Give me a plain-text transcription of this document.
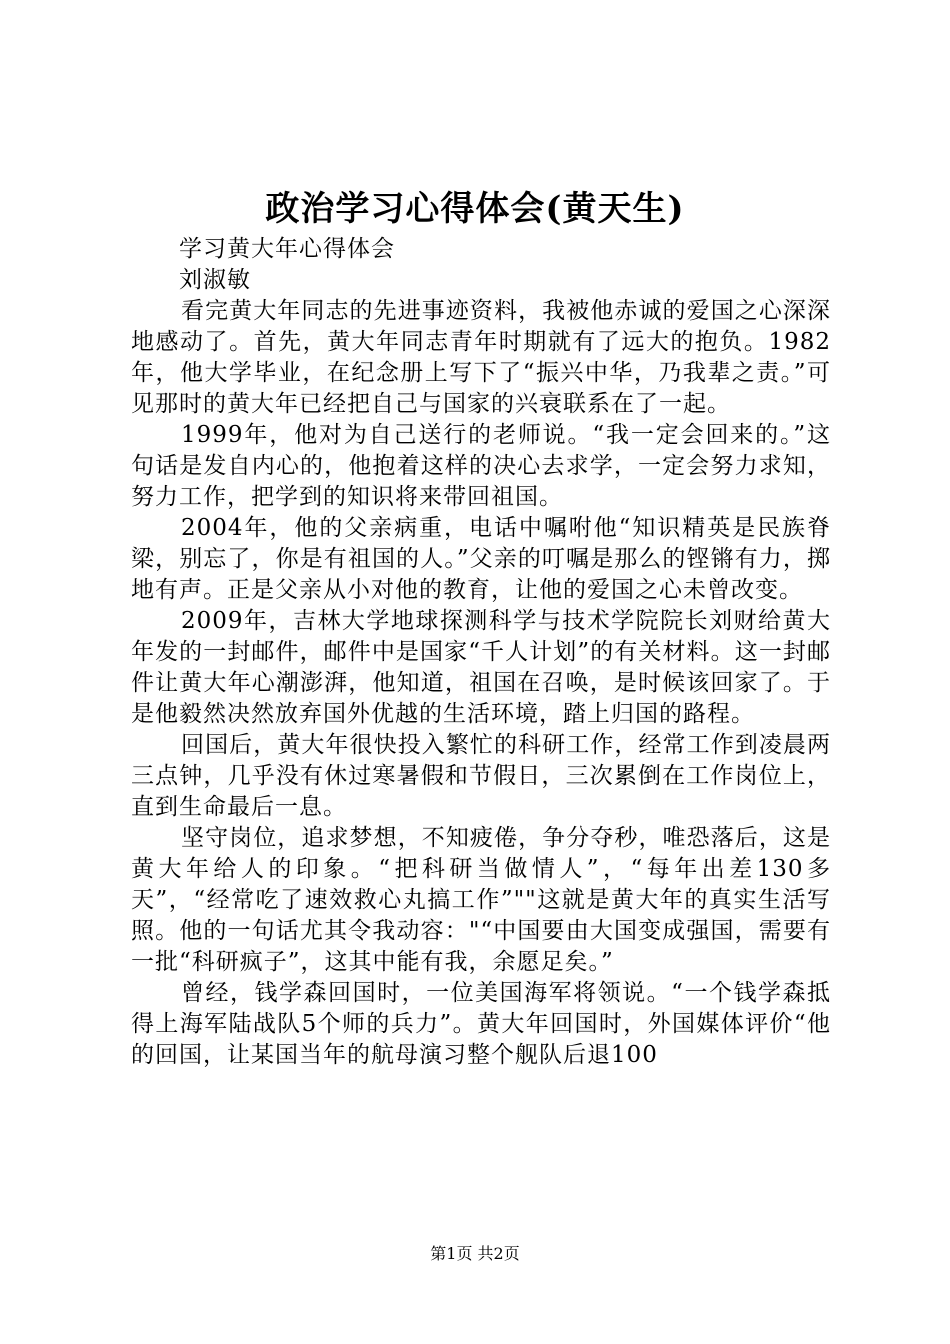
政治学习心得体会(黄天生)

学习黄大年心得体会

刘淑敏

看完黄大年同志的先进事迹资料，我被他赤诚的爱国之心深深地感动了。首先，黄大年同志青年时期就有了远大的抱负。1982年，他大学毕业，在纪念册上写下了“振兴中华，乃我辈之责。”可见那时的黄大年已经把自己与国家的兴衰联系在了一起。

1999年，他对为自己送行的老师说。“我一定会回来的。”这句话是发自内心的，他抱着这样的决心去求学，一定会努力求知，努力工作，把学到的知识将来带回祖国。

2004年，他的父亲病重，电话中嘱咐他“知识精英是民族脊梁，别忘了，你是有祖国的人。”父亲的叮嘱是那么的铿锵有力，掷地有声。正是父亲从小对他的教育，让他的爱国之心未曾改变。

2009年，吉林大学地球探测科学与技术学院院长刘财给黄大年发的一封邮件，邮件中是国家“千人计划”的有关材料。这一封邮件让黄大年心潮澎湃，他知道，祖国在召唤，是时候该回家了。于是他毅然决然放弃国外优越的生活环境，踏上归国的路程。

回国后，黄大年很快投入繁忙的科研工作，经常工作到凌晨两三点钟，几乎没有休过寒暑假和节假日，三次累倒在工作岗位上，直到生命最后一息。

坚守岗位，追求梦想，不知疲倦，争分夺秒，唯恐落后，这是黄大年给人的印象。“把科研当做情人”，“每年出差130多天”，“经常吃了速效救心丸搞工作”""这就是黄大年的真实生活写照。他的一句话尤其令我动容："“中国要由大国变成强国，需要有一批“科研疯子”，这其中能有我，余愿足矣。”

曾经，钱学森回国时，一位美国海军将领说。“一个钱学森抵得上海军陆战队5个师的兵力”。黄大年回国时，外国媒体评价“他的回国，让某国当年的航母演习整个舰队后退100

第1页 共2页
